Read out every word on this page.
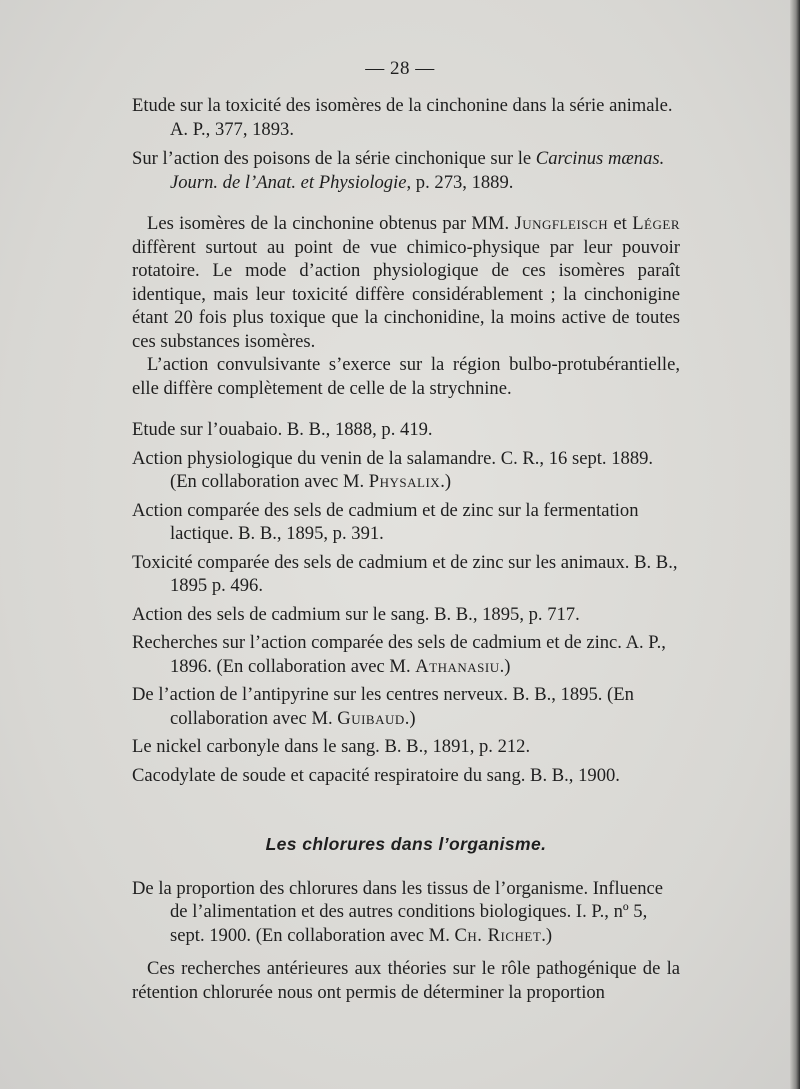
— 28 —

Etude sur la toxicité des isomères de la cinchonine dans la série animale. A. P., 377, 1893.

Sur l’action des poisons de la série cinchonique sur le Carcinus mænas. Journ. de l’Anat. et Physiologie, p. 273, 1889.

Les isomères de la cinchonine obtenus par MM. Jungfleisch et Léger diffèrent surtout au point de vue chimico-physique par leur pouvoir rotatoire. Le mode d’action physiologique de ces isomères paraît identique, mais leur toxicité diffère considérablement ; la cinchonigine étant 20 fois plus toxique que la cinchonidine, la moins active de toutes ces substances isomères.

L’action convulsivante s’exerce sur la région bulbo-protubérantielle, elle diffère complètement de celle de la strychnine.

Etude sur l’ouabaio. B. B., 1888, p. 419.

Action physiologique du venin de la salamandre. C. R., 16 sept. 1889. (En collaboration avec M. Physalix.)

Action comparée des sels de cadmium et de zinc sur la fermentation lactique. B. B., 1895, p. 391.

Toxicité comparée des sels de cadmium et de zinc sur les animaux. B. B., 1895 p. 496.

Action des sels de cadmium sur le sang. B. B., 1895, p. 717.

Recherches sur l’action comparée des sels de cadmium et de zinc. A. P., 1896. (En collaboration avec M. Athanasiu.)

De l’action de l’antipyrine sur les centres nerveux. B. B., 1895. (En collaboration avec M. Guibaud.)

Le nickel carbonyle dans le sang. B. B., 1891, p. 212.

Cacodylate de soude et capacité respiratoire du sang. B. B., 1900.

Les chlorures dans l’organisme.

De la proportion des chlorures dans les tissus de l’organisme. Influence de l’alimentation et des autres conditions biologiques. I. P., nº 5, sept. 1900. (En collaboration avec M. Ch. Richet.)

Ces recherches antérieures aux théories sur le rôle pathogénique de la rétention chlorurée nous ont permis de déterminer la proportion
